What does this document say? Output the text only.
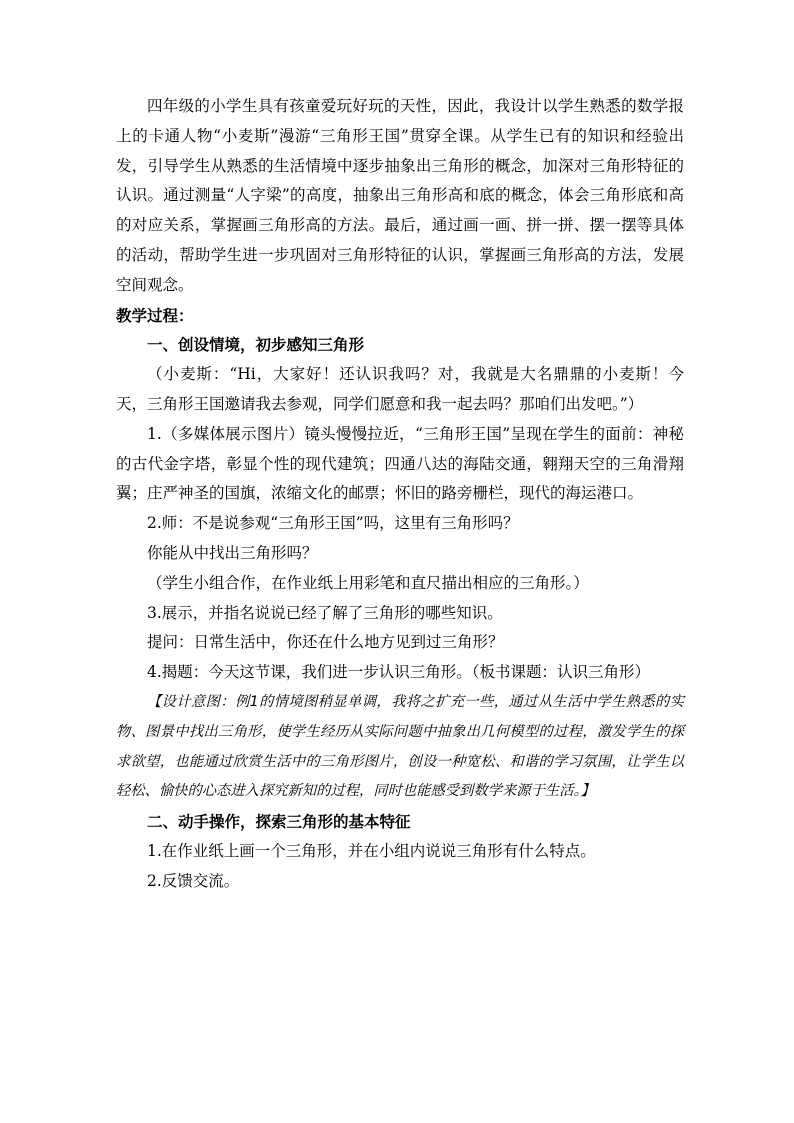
四年级的小学生具有孩童爱玩好玩的天性，因此，我设计以学生熟悉的数学报上的卡通人物“小麦斯”漫游“三角形王国”贯穿全课。从学生已有的知识和经验出发，引导学生从熟悉的生活情境中逐步抽象出三角形的概念，加深对三角形特征的认识。通过测量“人字梁”的高度，抽象出三角形高和底的概念，体会三角形底和高的对应关系，掌握画三角形高的方法。最后，通过画一画、拼一拼、摆一摆等具体的活动，帮助学生进一步巩固对三角形特征的认识，掌握画三角形高的方法，发展空间观念。

教学过程：

一、创设情境，初步感知三角形

（小麦斯：“Hi，大家好！还认识我吗？对，我就是大名鼎鼎的小麦斯！今天，三角形王国邀请我去参观，同学们愿意和我一起去吗？那咱们出发吧。”）

1.（多媒体展示图片）镜头慢慢拉近，“三角形王国”呈现在学生的面前：神秘的古代金字塔，彰显个性的现代建筑；四通八达的海陆交通，翱翔天空的三角滑翔翼；庄严神圣的国旗，浓缩文化的邮票；怀旧的路旁栅栏，现代的海运港口。

2.师：不是说参观“三角形王国”吗，这里有三角形吗？

你能从中找出三角形吗？

（学生小组合作，在作业纸上用彩笔和直尺描出相应的三角形。）

3.展示，并指名说说已经了解了三角形的哪些知识。

提问：日常生活中，你还在什么地方见到过三角形？

4.揭题：今天这节课，我们进一步认识三角形。（板书课题：认识三角形）

【设计意图：例1的情境图稍显单调，我将之扩充一些，通过从生活中学生熟悉的实物、图景中找出三角形，使学生经历从实际问题中抽象出几何模型的过程，激发学生的探求欲望，也能通过欣赏生活中的三角形图片，创设一种宽松、和谐的学习氛围，让学生以轻松、愉快的心态进入探究新知的过程，同时也能感受到数学来源于生活。】

二、动手操作，探索三角形的基本特征

1.在作业纸上画一个三角形，并在小组内说说三角形有什么特点。

2.反馈交流。
